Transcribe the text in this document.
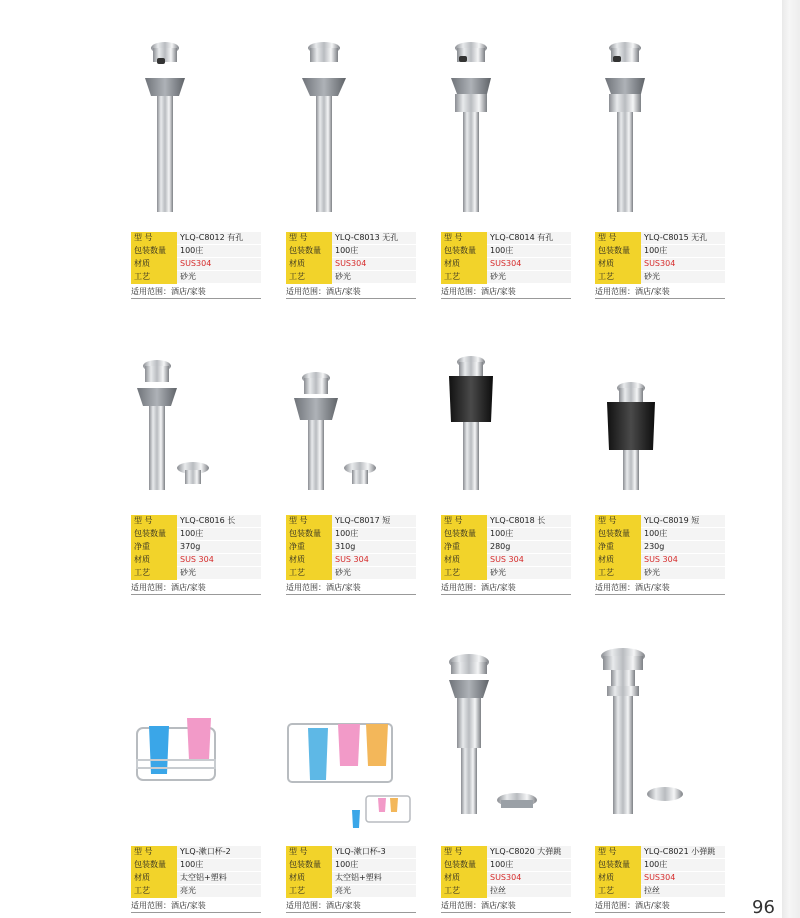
型 号	YLQ-C8012 有孔
包装数量	100庄
材质	SUS304
工艺	砂光
适用范围：酒店/家装
型 号	YLQ-C8013 无孔
包装数量	100庄
材质	SUS304
工艺	砂光
适用范围：酒店/家装
型 号	YLQ-C8014 有孔
包装数量	100庄
材质	SUS304
工艺	砂光
适用范围：酒店/家装
型 号	YLQ-C8015 无孔
包装数量	100庄
材质	SUS304
工艺	砂光
适用范围：酒店/家装
型 号	YLQ-C8016 长
包装数量	100庄
净重	370g
材质	SUS 304
工艺	砂光
适用范围：酒店/家装
型 号	YLQ-C8017 短
包装数量	100庄
净重	310g
材质	SUS 304
工艺	砂光
适用范围：酒店/家装
型 号	YLQ-C8018 长
包装数量	100庄
净重	280g
材质	SUS 304
工艺	砂光
适用范围：酒店/家装
型 号	YLQ-C8019 短
包装数量	100庄
净重	230g
材质	SUS 304
工艺	砂光
适用范围：酒店/家装
型 号	YLQ-漱口杯-2
包装数量	100庄
材质	太空铝+塑料
工艺	亮光
适用范围：酒店/家装
型 号	YLQ-漱口杯-3
包装数量	100庄
材质	太空铝+塑料
工艺	亮光
适用范围：酒店/家装
型 号	YLQ-C8020 大弹跳
包装数量	100庄
材质	SUS304
工艺	拉丝
适用范围：酒店/家装
型 号	YLQ-C8021 小弹跳
包装数量	100庄
材质	SUS304
工艺	拉丝
适用范围：酒店/家装	96
